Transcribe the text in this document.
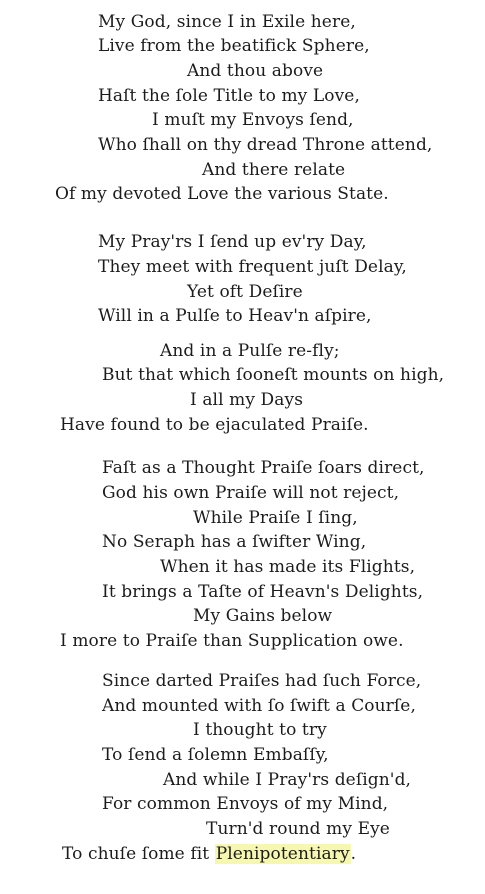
My God, since I in Exile here,
Live from the beatifick Sphere,
And thou above
Haſt the ſole Title to my Love,
I muſt my Envoys ſend,
Who ſhall on thy dread Throne attend,
And there relate
Of my devoted Love the various State.
My Pray'rs I ſend up ev'ry Day,
They meet with frequent juſt Delay,
Yet oft Deſire
Will in a Pulſe to Heav'n aſpire,
And in a Pulſe re-fly;
But that which ſooneſt mounts on high,
I all my Days
Have found to be ejaculated Praiſe.
Faſt as a Thought Praiſe ſoars direct,
God his own Praiſe will not reject,
While Praiſe I ſing,
No Seraph has a ſwifter Wing,
When it has made its Flights,
It brings a Taſte of Heavn's Delights,
My Gains below
I more to Praiſe than Supplication owe.
Since darted Praiſes had ſuch Force,
And mounted with ſo ſwift a Courſe,
I thought to try
To ſend a ſolemn Embaſſy,
And while I Pray'rs deſign'd,
For common Envoys of my Mind,
Turn'd round my Eye
To chuſe ſome fit Plenipotentiary.
